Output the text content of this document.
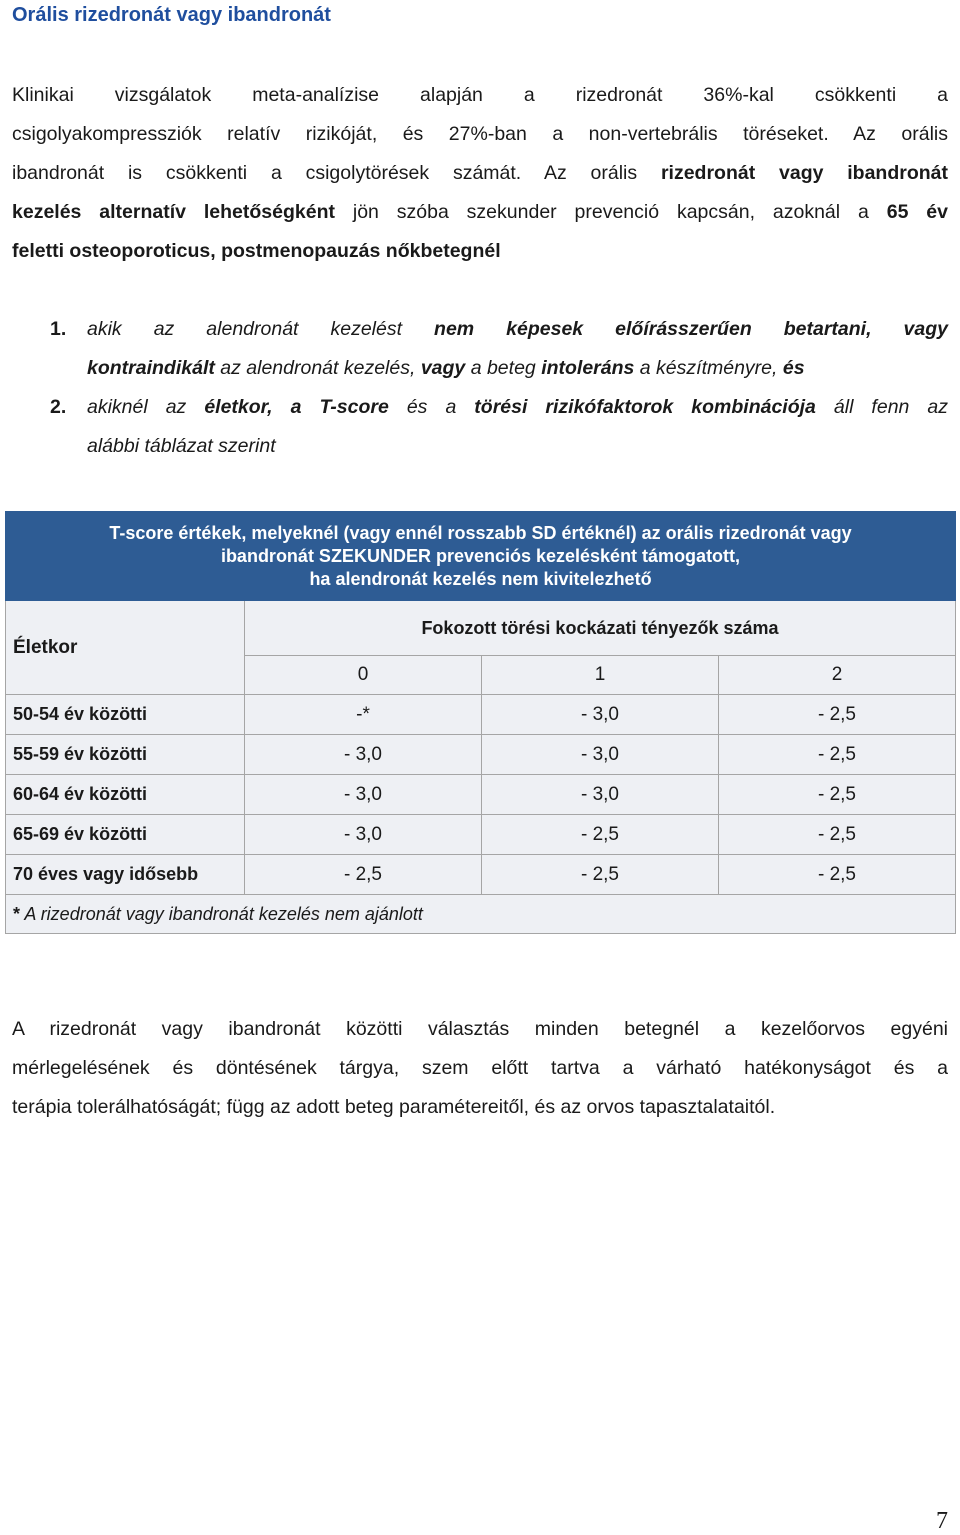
Orális rizedronát vagy ibandronát
Klinikai vizsgálatok meta-analízise alapján a rizedronát 36%-kal csökkenti a
csigolyakompressziók relatív rizikóját, és 27%-ban a non-vertebrális töréseket. Az orális
ibandronát is csökkenti a csigolytörések számát. Az orális rizedronát vagy ibandronát
kezelés alternatív lehetőségként jön szóba szekunder prevenció kapcsán, azoknál a 65 év
feletti osteoporoticus, postmenopauzás nőkbetegnél
1. akik az alendronát kezelést nem képesek előírásszerűen betartani, vagy
kontraindikált az alendronát kezelés, vagy a beteg intoleráns a készítményre, és
2. akiknél az életkor, a T-score és a törési rizikófaktorok kombinációja áll fenn az
alábbi táblázat szerint
T-score értékek, melyeknél (vagy ennél rosszabb SD értéknél) az orális rizedronát vagy
ibandronát SZEKUNDER prevenciós kezelésként támogatott,
ha alendronát kezelés nem kivitelezhető			

Életkor	Fokozott törési kockázati tényezők száma		
	0	1	2
50-54 év közötti	-*	- 3,0	- 2,5
55-59 év közötti	- 3,0	- 3,0	- 2,5
60-64 év közötti	- 3,0	- 3,0	- 2,5
65-69 év közötti	- 3,0	- 2,5	- 2,5
70 éves vagy idősebb	- 2,5	- 2,5	- 2,5
* A rizedronát vagy ibandronát kezelés nem ajánlott			
A rizedronát vagy ibandronát közötti választás minden betegnél a kezelőorvos egyéni
mérlegelésének és döntésének tárgya, szem előtt tartva a várható hatékonyságot és a
terápia tolerálhatóságát; függ az adott beteg paramétereitől, és az orvos tapasztalataitól.
7
